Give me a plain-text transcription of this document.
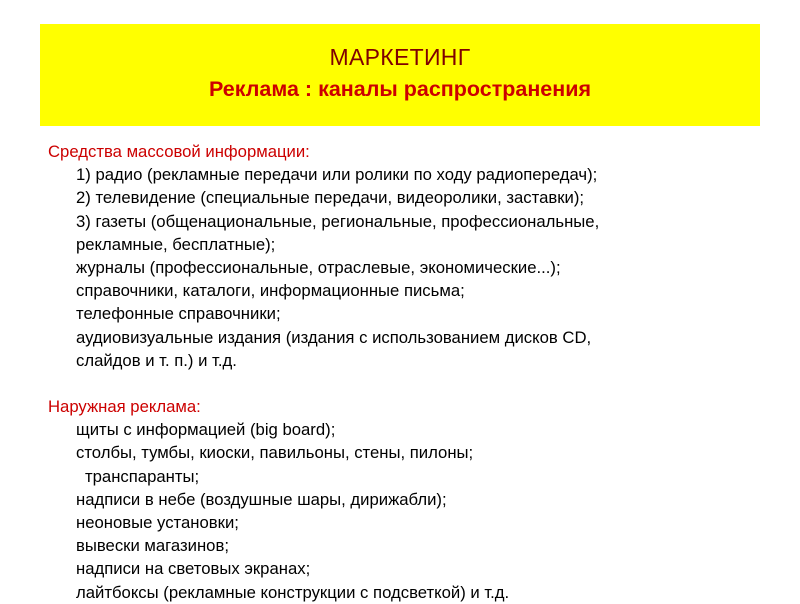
МАРКЕТИНГ
Реклама : каналы распространения
Средства массовой информации:
1) радио (рекламные передачи или ролики по ходу радиопередач);
2) телевидение (специальные передачи, видеоролики, заставки);
3) газеты (общенациональные, региональные, профессиональные,
рекламные, бесплатные);
журналы (профессиональные, отраслевые, экономические...);
справочники, каталоги, информационные письма;
телефонные справочники;
аудиовизуальные издания (издания с использованием дисков CD,
слайдов и т. п.) и т.д.
Наружная реклама:
щиты с информацией (big board);
столбы, тумбы, киоски, павильоны, стены, пилоны;
транспаранты;
надписи в небе (воздушные шары, дирижабли);
неоновые установки;
вывески магазинов;
надписи на световых экранах;
лайтбоксы (рекламные конструкции с подсветкой) и т.д.
